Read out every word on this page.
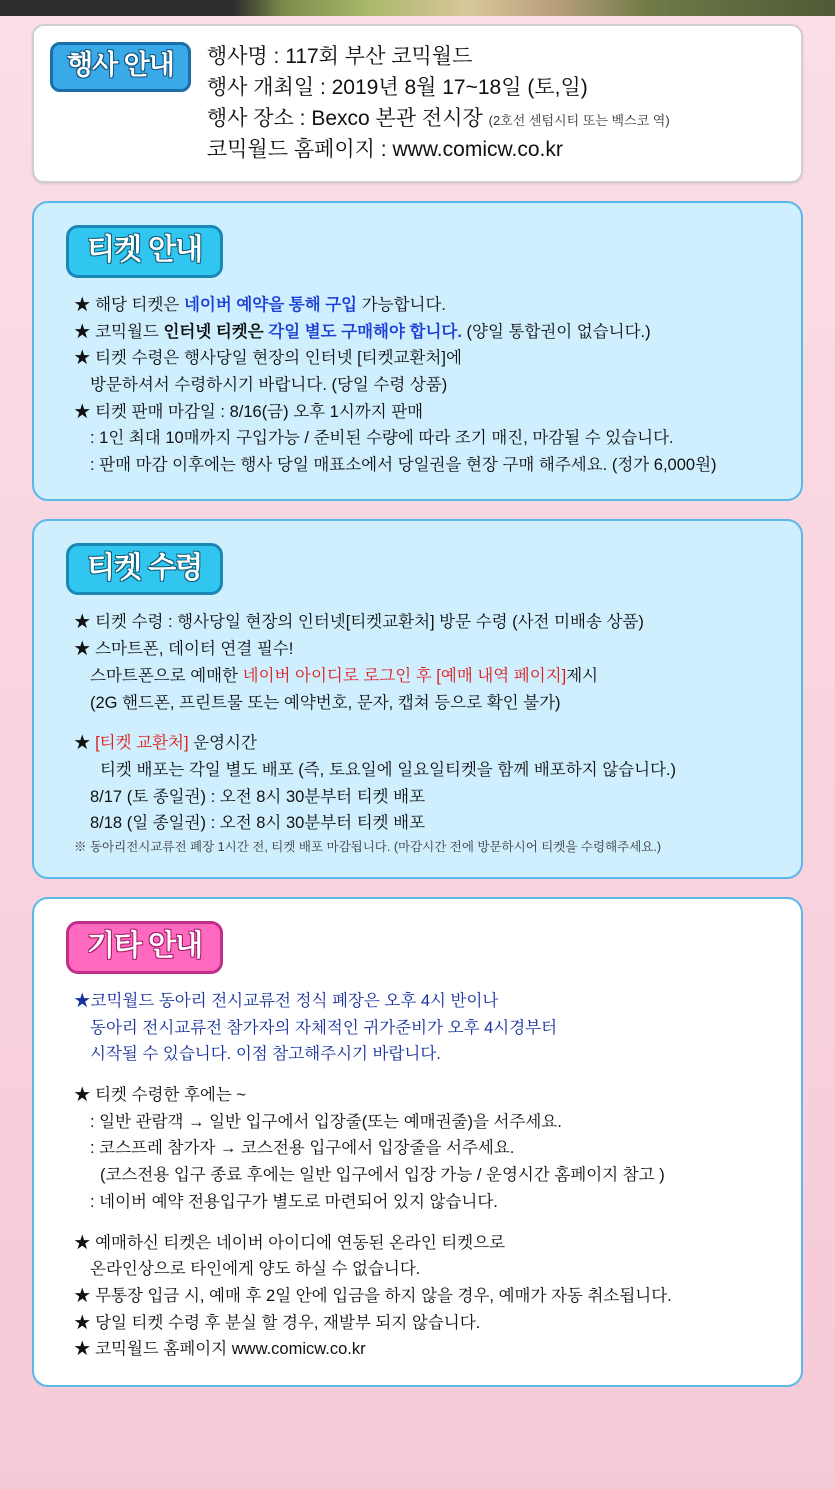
행사 안내	행사명 : 117회 부산 코믹월드
행사 개최일 : 2019년 8월 17~18일 (토,일)
행사 장소 : Bexco 본관 전시장 (2호선 센텀시티 또는 벡스코 역)
코믹월드 홈페이지 : www.comicw.co.kr
티켓 안내
★ 해당 티켓은 네이버 예약을 통해 구입 가능합니다.
★ 코믹월드 인터넷 티켓은 각일 별도 구매해야 합니다. (양일 통합권이 없습니다.)
★ 티켓 수령은 행사당일 현장의 인터넷 [티켓교환처]에
방문하셔서 수령하시기 바랍니다. (당일 수령 상품)
★ 티켓 판매 마감일 : 8/16(금) 오후 1시까지 판매
: 1인 최대 10매까지 구입가능 / 준비된 수량에 따라 조기 매진, 마감될 수 있습니다.
: 판매 마감 이후에는 행사 당일 매표소에서 당일권을 현장 구매 해주세요. (정가 6,000원)
티켓 수령
★ 티켓 수령 : 행사당일 현장의 인터넷[티켓교환처] 방문 수령 (사전 미배송 상품)
★ 스마트폰, 데이터 연결 필수!
스마트폰으로 예매한 네이버 아이디로 로그인 후 [예매 내역 페이지]제시
(2G 핸드폰, 프린트물 또는 예약번호, 문자, 캡쳐 등으로 확인 불가)
★ [티켓 교환처] 운영시간
티켓 배포는 각일 별도 배포 (즉, 토요일에 일요일티켓을 함께 배포하지 않습니다.)
8/17 (토 종일권) : 오전 8시 30분부터 티켓 배포
8/18 (일 종일권) : 오전 8시 30분부터 티켓 배포
※ 동아리전시교류전 폐장 1시간 전, 티켓 배포 마감됩니다. (마감시간 전에 방문하시어 티켓을 수령해주세요.)
기타 안내
★코믹월드 동아리 전시교류전 정식 폐장은 오후 4시 반이나
동아리 전시교류전 참가자의 자체적인 귀가준비가 오후 4시경부터
시작될 수 있습니다. 이점 참고해주시기 바랍니다.
★ 티켓 수령한 후에는 ~
: 일반 관람객 → 일반 입구에서 입장줄(또는 예매권줄)을 서주세요.
: 코스프레 참가자 → 코스전용 입구에서 입장줄을 서주세요.
(코스전용 입구 종료 후에는 일반 입구에서 입장 가능 / 운영시간 홈페이지 참고 )
: 네이버 예약 전용입구가 별도로 마련되어 있지 않습니다.
★ 예매하신 티켓은 네이버 아이디에 연동된 온라인 티켓으로
온라인상으로 타인에게 양도 하실 수 없습니다.
★ 무통장 입금 시, 예매 후 2일 안에 입금을 하지 않을 경우, 예매가 자동 취소됩니다.
★ 당일 티켓 수령 후 분실 할 경우, 재발부 되지 않습니다.
★ 코믹월드 홈페이지 www.comicw.co.kr
